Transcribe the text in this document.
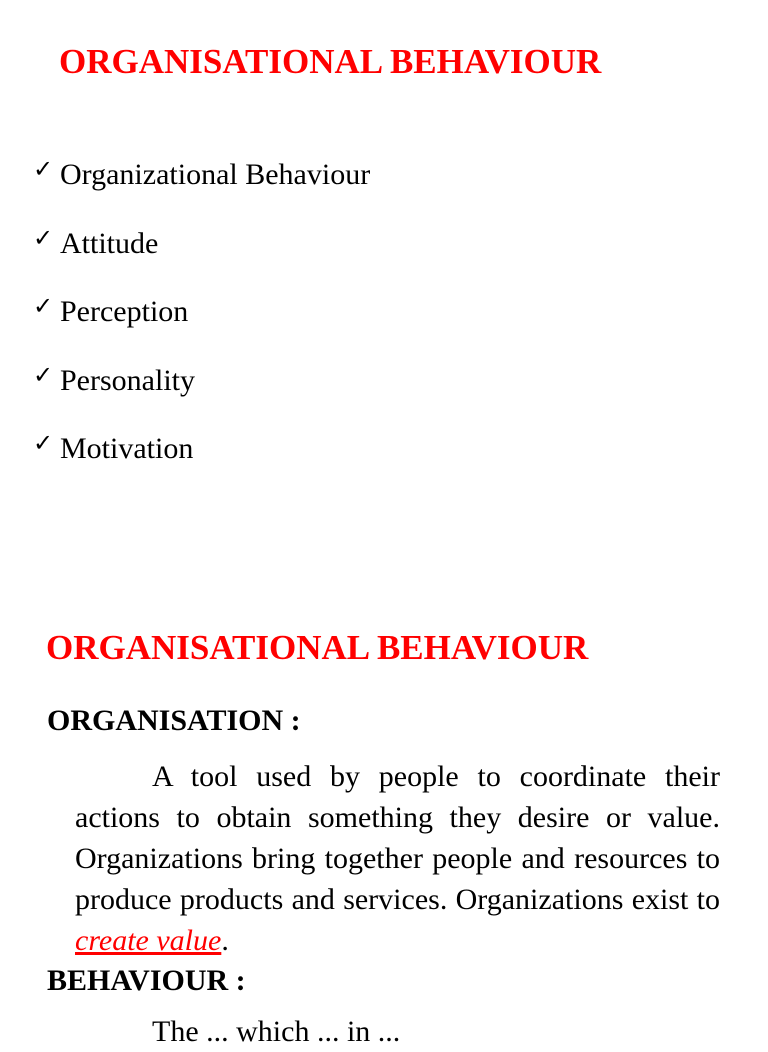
ORGANISATIONAL BEHAVIOUR
✓ Organizational Behaviour
✓ Attitude
✓ Perception
✓ Personality
✓ Motivation
ORGANISATIONAL BEHAVIOUR
ORGANISATION :

A tool used by people to coordinate their actions to obtain something they desire or value. Organizations bring together people and resources to produce products and services. Organizations exist to create value.

BEHAVIOUR :

The ... which ... in ...
